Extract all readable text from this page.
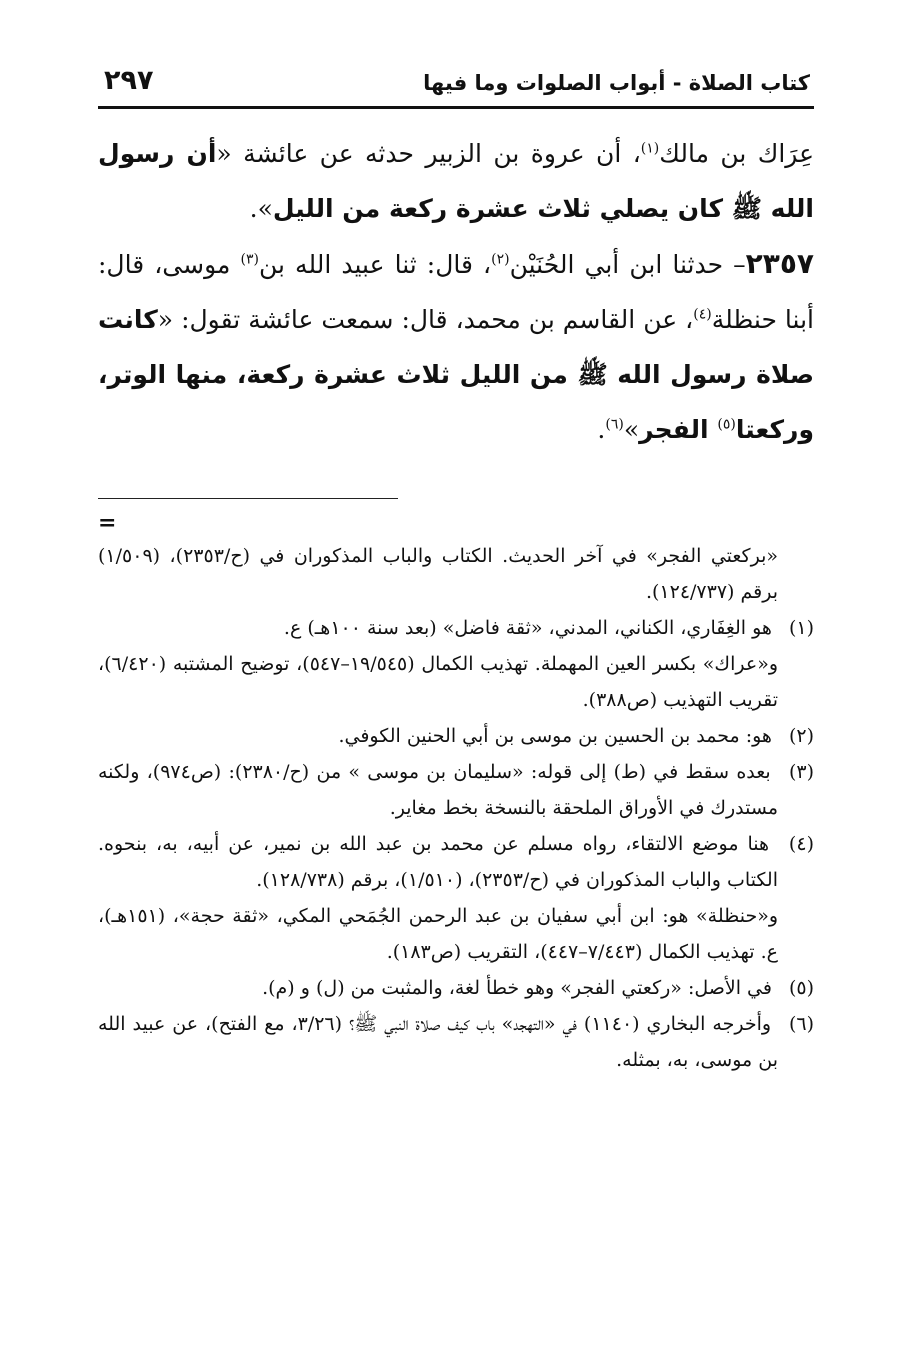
كتاب الصلاة - أبواب الصلوات وما فيها
٢٩٧

عِرَاك بن مالك$^{(١)}$، أن عروة بن الزبير حدثه عن عائشة «أن رسول الله ﷺ كان يصلي ثلاث عشرة ركعة من الليل».

٢٣٥٧– حدثنا ابن أبي الحُنَيْن$^{(٢)}$، قال: ثنا عبيد الله بن$^{(٣)}$ موسى، قال: أبنا حنظلة$^{(٤)}$، عن القاسم بن محمد، قال: سمعت عائشة تقول: «كانت صلاة رسول الله ﷺ من الليل ثلاث عشرة ركعة، منها الوتر، وركعتا$^{(٥)}$ الفجر»$^{(٦)}$.

=

«بركعتي الفجر» في آخر الحديث. الكتاب والباب المذكوران في (ح/٢٣٥٣)، (١/٥٠٩) برقم (١٢٤/٧٣٧).

(١) هو الغِفَاري، الكناني، المدني، «ثقة فاضل» (بعد سنة ١٠٠هـ) ع.

و«عراك» بكسر العين المهملة. تهذيب الكمال (١٩/٥٤٥–٥٤٧)، توضيح المشتبه (٦/٤٢٠)، تقريب التهذيب (ص٣٨٨).

(٢) هو: محمد بن الحسين بن موسى بن أبي الحنين الكوفي.

(٣) بعده سقط في (ط) إلى قوله: «سليمان بن موسى » من (ح/٢٣٨٠): (ص٩٧٤)، ولكنه مستدرك في الأوراق الملحقة بالنسخة بخط مغاير.

(٤) هنا موضع الالتقاء، رواه مسلم عن محمد بن عبد الله بن نمير، عن أبيه، به، بنحوه. الكتاب والباب المذكوران في (ح/٢٣٥٣)، (١/٥١٠)، برقم (١٢٨/٧٣٨).

و«حنظلة» هو: ابن أبي سفيان بن عبد الرحمن الجُمَحي المكي، «ثقة حجة»، (١٥١هـ)، ع. تهذيب الكمال (٧/٤٤٣–٤٤٧)، التقريب (ص١٨٣).

(٥) في الأصل: «ركعتي الفجر» وهو خطأ لغة، والمثبت من (ل) و (م).

(٦) وأخرجه البخاري (١١٤٠) في «التهجد» باب كيف صلاة النبي ﷺ؟ (٣/٢٦، مع الفتح)، عن عبيد الله بن موسى، به، بمثله.
